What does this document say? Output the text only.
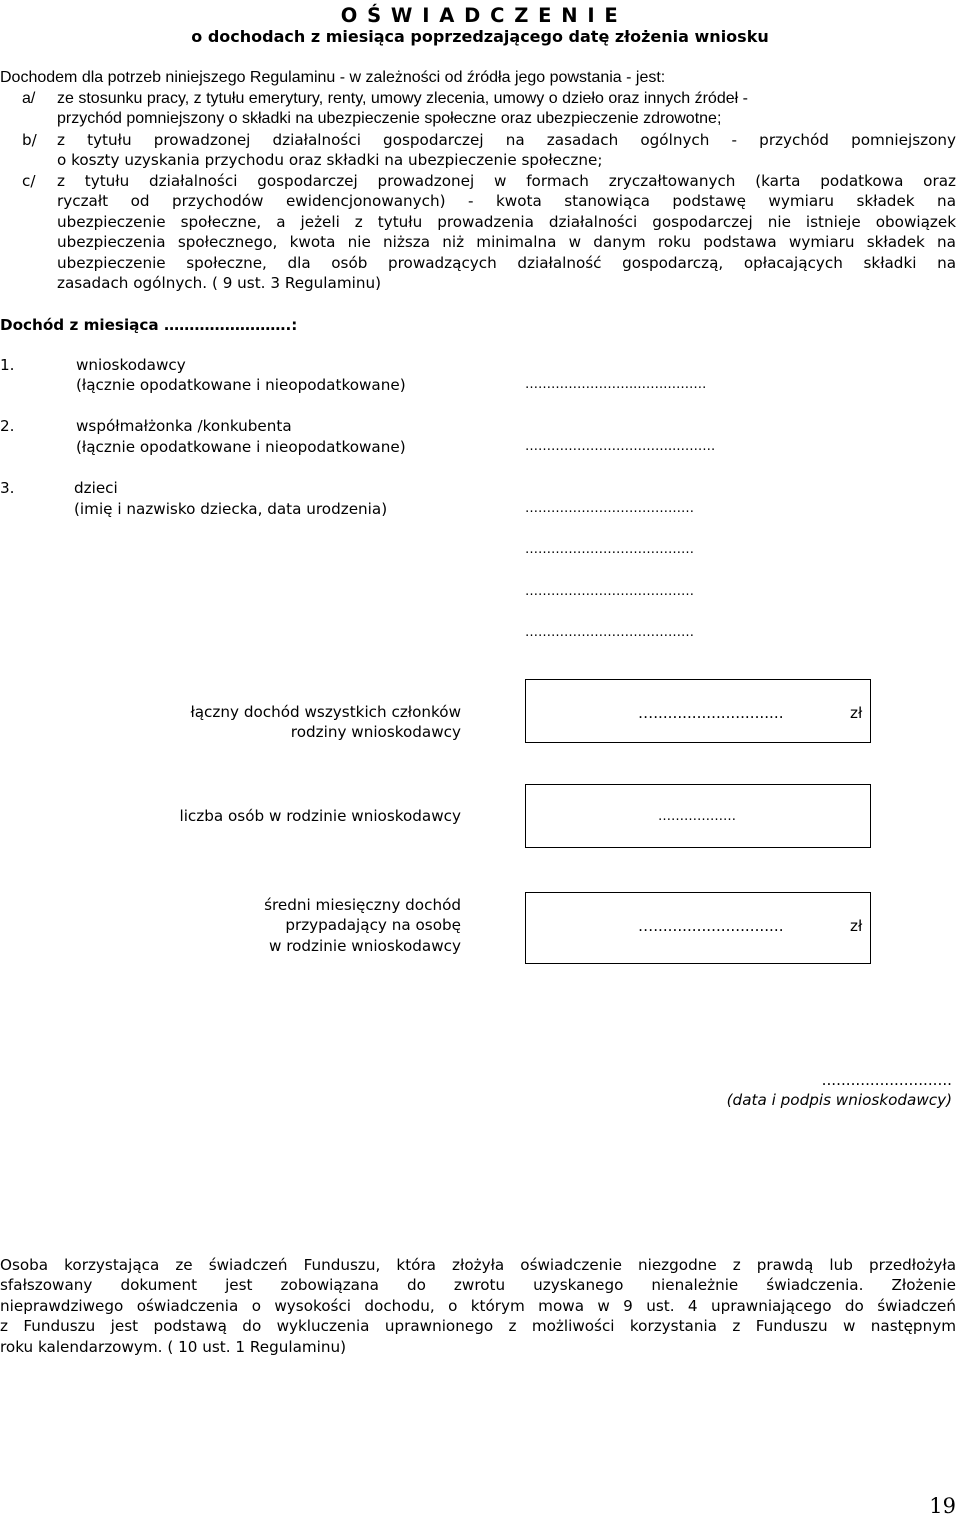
O Ś W I A D C Z E N I E
o dochodach z miesiąca poprzedzającego datę złożenia wniosku
Dochodem dla potrzeb niniejszego Regulaminu - w zależności od źródła jego powstania - jest:
a/	ze stosunku pracy, z tytułu emerytury, renty, umowy zlecenia, umowy o dzieło oraz innych źródeł -
przychód pomniejszony o składki na ubezpieczenie społeczne oraz ubezpieczenie zdrowotne;
b/	z tytułu prowadzonej działalności gospodarczej na zasadach ogólnych - przychód pomniejszony
o koszty uzyskania przychodu oraz składki na ubezpieczenie społeczne;
c/	z tytułu działalności gospodarczej prowadzonej w formach zryczałtowanych (karta podatkowa oraz
ryczałt od przychodów ewidencjonowanych) - kwota stanowiąca podstawę wymiaru składek na
ubezpieczenie społeczne, a jeżeli z tytułu prowadzenia działalności gospodarczej nie istnieje obowiązek
ubezpieczenia społecznego, kwota nie niższa niż minimalna w danym roku podstawa wymiaru składek na
ubezpieczenie społeczne, dla osób prowadzących działalność gospodarczą, opłacających składki na
zasadach ogólnych. ( 9 ust. 3 Regulaminu)
Dochód z miesiąca …………………….:
1.	wnioskodawcy
(łącznie opodatkowane i nieopodatkowane)	……………………..…….………
2.	współmałżonka /konkubenta
(łącznie opodatkowane i nieopodatkowane)	……………………………..………
3.	dzieci
(imię i nazwisko dziecka, data urodzenia)	…………………………………
…………………………………
…………………………………
…………………………………
łączny dochód wszystkich członków
rodziny wnioskodawcy
…...........................	zł
liczba osób w rodzinie wnioskodawcy	………………
średni miesięczny dochód
przypadający na osobę
w rodzinie wnioskodawcy
…...........................	zł
...........................
(data i podpis wnioskodawcy)
Osoba korzystająca ze świadczeń Funduszu, która złożyła oświadczenie niezgodne z prawdą lub przedłożyła
sfałszowany dokument jest zobowiązana do zwrotu uzyskanego nienależnie świadczenia. Złożenie
nieprawdziwego oświadczenia o wysokości dochodu, o którym mowa w 9 ust. 4 uprawniającego do świadczeń
z Funduszu jest podstawą do wykluczenia uprawnionego z możliwości korzystania z Funduszu w następnym
roku kalendarzowym. ( 10 ust. 1 Regulaminu)
19
